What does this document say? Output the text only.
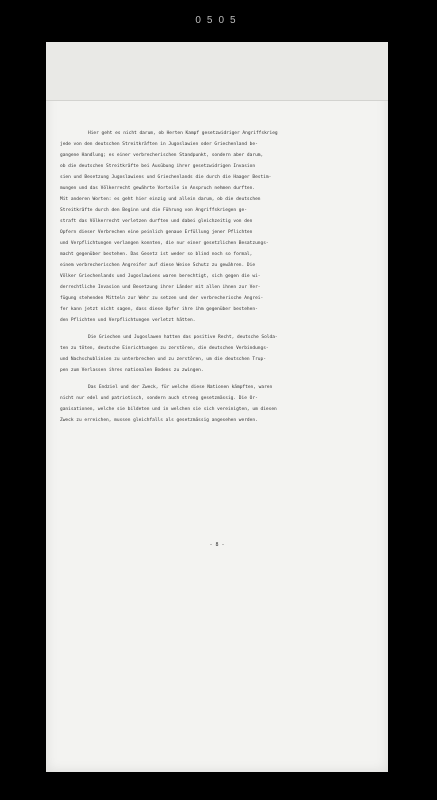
0505
Hier geht es nicht darum, ob Herten Kampf gesetzwidriger Angriffskrieg
jede von den deutschen Streitkräften in Jugoslawien oder Griechenland be-
gangene Handlung; es einer verbrecherischen Standpunkt, sondern aber darum,
ob die deutschen Streitkräfte bei Ausübung ihrer gesetzwidrigen Invasion
sien und Besetzung Jugoslawiens und Griechenlands die durch die Haager Bestim-
mungen und das Völkerrecht gewährte Vorteile in Anspruch nehmen durften.
Mit anderen Worten: es geht hier einzig und allein darum, ob die deutschen
Streitkräfte durch den Beginn und die Führung von Angriffskriegen ge-
straft das Völkerrecht verletzen durften und dabei gleichzeitig von den
Opfern dieser Verbrechen eine peinlich genaue Erfüllung jener Pflichten
und Verpflichtungen verlangen konnten, die nur einer gesetzlichen Besatzungs-
macht gegenüber bestehen. Das Gesetz ist weder so blind noch so formal,
einem verbrecherischen Angreifer auf diese Weise Schutz zu gewähren. Die
Völker Griechenlands und Jugoslawiens waren berechtigt, sich gegen die wi-
derrechtliche Invasion und Besetzung ihrer Länder mit allen ihnen zur Ver-
fügung stehenden Mitteln zur Wehr zu setzen und der verbrecherische Angrei-
fer kann jetzt nicht sagen, dass diese Opfer ihre ihm gegenüber bestehen-
den Pflichten und Verpflichtungen verletzt hätten.
Die Griechen und Jugoslawen hatten das positive Recht, deutsche Solda-
ten zu töten, deutsche Einrichtungen zu zerstören, die deutschen Verbindungs-
und Nachschublinien zu unterbrechen und zu zerstören, um die deutschen Trup-
pen zum Verlassen ihres nationalen Bodens zu zwingen.
Das Endziel und der Zweck, für welche diese Nationen kämpften, waren
nicht nur edel und patriotisch, sondern auch streng gesetzmässig. Die Or-
ganisationen, welche sie bildeten und in welchen sie sich vereinigten, um diesen
Zweck zu erreichen, mussen gleichfalls als gesetzmässig angesehen werden.
- 8 -
